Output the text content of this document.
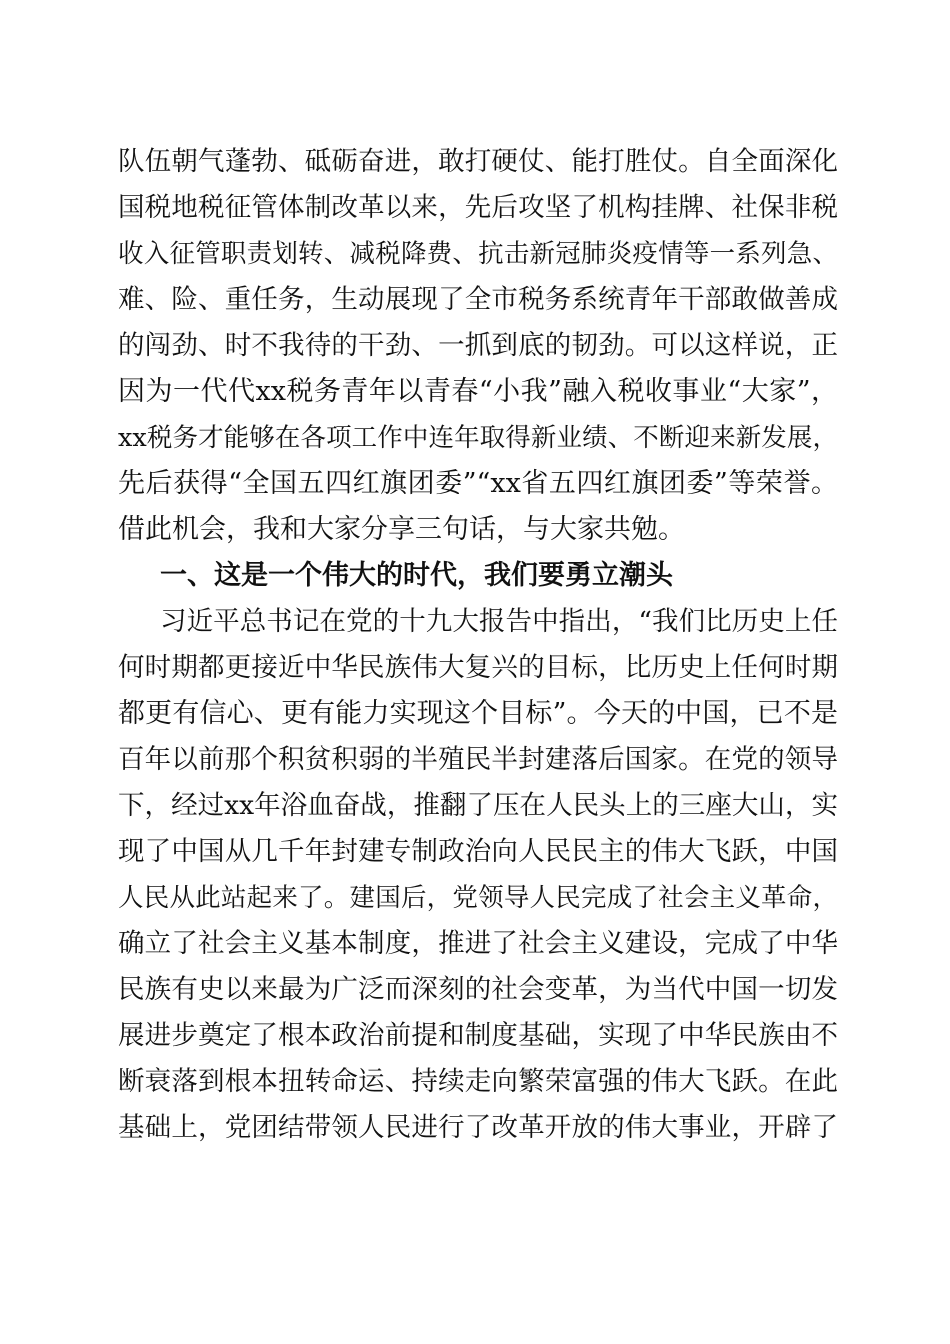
队伍朝气蓬勃、砥砺奋进，敢打硬仗、能打胜仗。自全面深化
国税地税征管体制改革以来，先后攻坚了机构挂牌、社保非税
收入征管职责划转、减税降费、抗击新冠肺炎疫情等一系列急、
难、险、重任务，生动展现了全市税务系统青年干部敢做善成
的闯劲、时不我待的干劲、一抓到底的韧劲。可以这样说，正
因为一代代xx税务青年以青春“小我”融入税收事业“大家”，
xx税务才能够在各项工作中连年取得新业绩、不断迎来新发展，
先后获得“全国五四红旗团委”“xx省五四红旗团委”等荣誉。
借此机会，我和大家分享三句话，与大家共勉。
一、这是一个伟大的时代，我们要勇立潮头
习近平总书记在党的十九大报告中指出，“我们比历史上任
何时期都更接近中华民族伟大复兴的目标，比历史上任何时期
都更有信心、更有能力实现这个目标”。今天的中国，已不是
百年以前那个积贫积弱的半殖民半封建落后国家。在党的领导
下，经过xx年浴血奋战，推翻了压在人民头上的三座大山，实
现了中国从几千年封建专制政治向人民民主的伟大飞跃，中国
人民从此站起来了。建国后，党领导人民完成了社会主义革命，
确立了社会主义基本制度，推进了社会主义建设，完成了中华
民族有史以来最为广泛而深刻的社会变革，为当代中国一切发
展进步奠定了根本政治前提和制度基础，实现了中华民族由不
断衰落到根本扭转命运、持续走向繁荣富强的伟大飞跃。在此
基础上，党团结带领人民进行了改革开放的伟大事业，开辟了
